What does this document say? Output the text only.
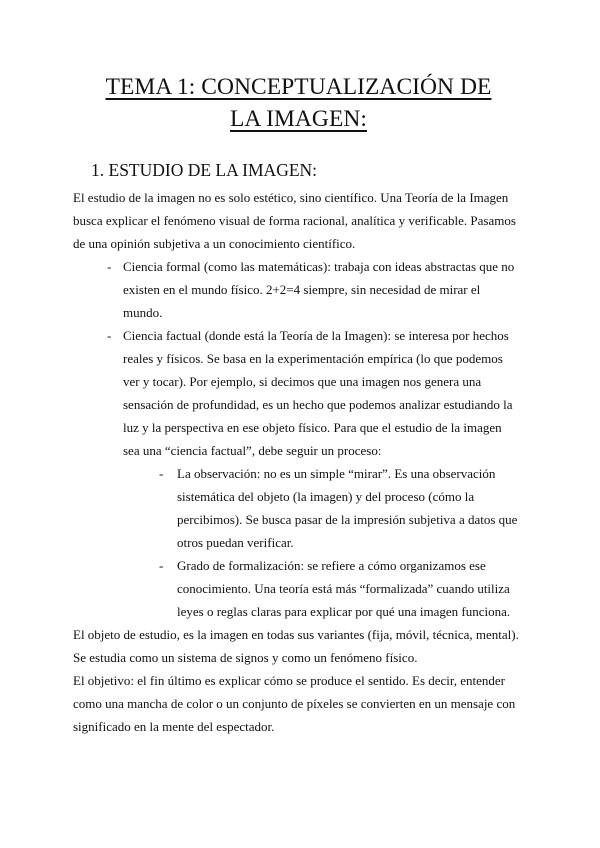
TEMA 1: CONCEPTUALIZACIÓN DE
LA IMAGEN:
1. ESTUDIO DE LA IMAGEN:

El estudio de la imagen no es solo estético, sino científico. Una Teoría de la Imagen busca explicar el fenómeno visual de forma racional, analítica y verificable. Pasamos de una opinión subjetiva a un conocimiento científico.

- Ciencia formal (como las matemáticas): trabaja con ideas abstractas que no existen en el mundo físico. 2+2=4 siempre, sin necesidad de mirar el mundo.
- Ciencia factual (donde está la Teoría de la Imagen): se interesa por hechos reales y físicos. Se basa en la experimentación empírica (lo que podemos ver y tocar). Por ejemplo, si decimos que una imagen nos genera una sensación de profundidad, es un hecho que podemos analizar estudiando la luz y la perspectiva en ese objeto físico. Para que el estudio de la imagen sea una “ciencia factual”, debe seguir un proceso:
- La observación: no es un simple “mirar”. Es una observación sistemática del objeto (la imagen) y del proceso (cómo la percibimos). Se busca pasar de la impresión subjetiva a datos que otros puedan verificar.
- Grado de formalización: se refiere a cómo organizamos ese conocimiento. Una teoría está más “formalizada” cuando utiliza leyes o reglas claras para explicar por qué una imagen funciona.

El objeto de estudio, es la imagen en todas sus variantes (fija, móvil, técnica, mental). Se estudia como un sistema de signos y como un fenómeno físico.

El objetivo: el fin último es explicar cómo se produce el sentido. Es decir, entender como una mancha de color o un conjunto de píxeles se convierten en un mensaje con significado en la mente del espectador.
